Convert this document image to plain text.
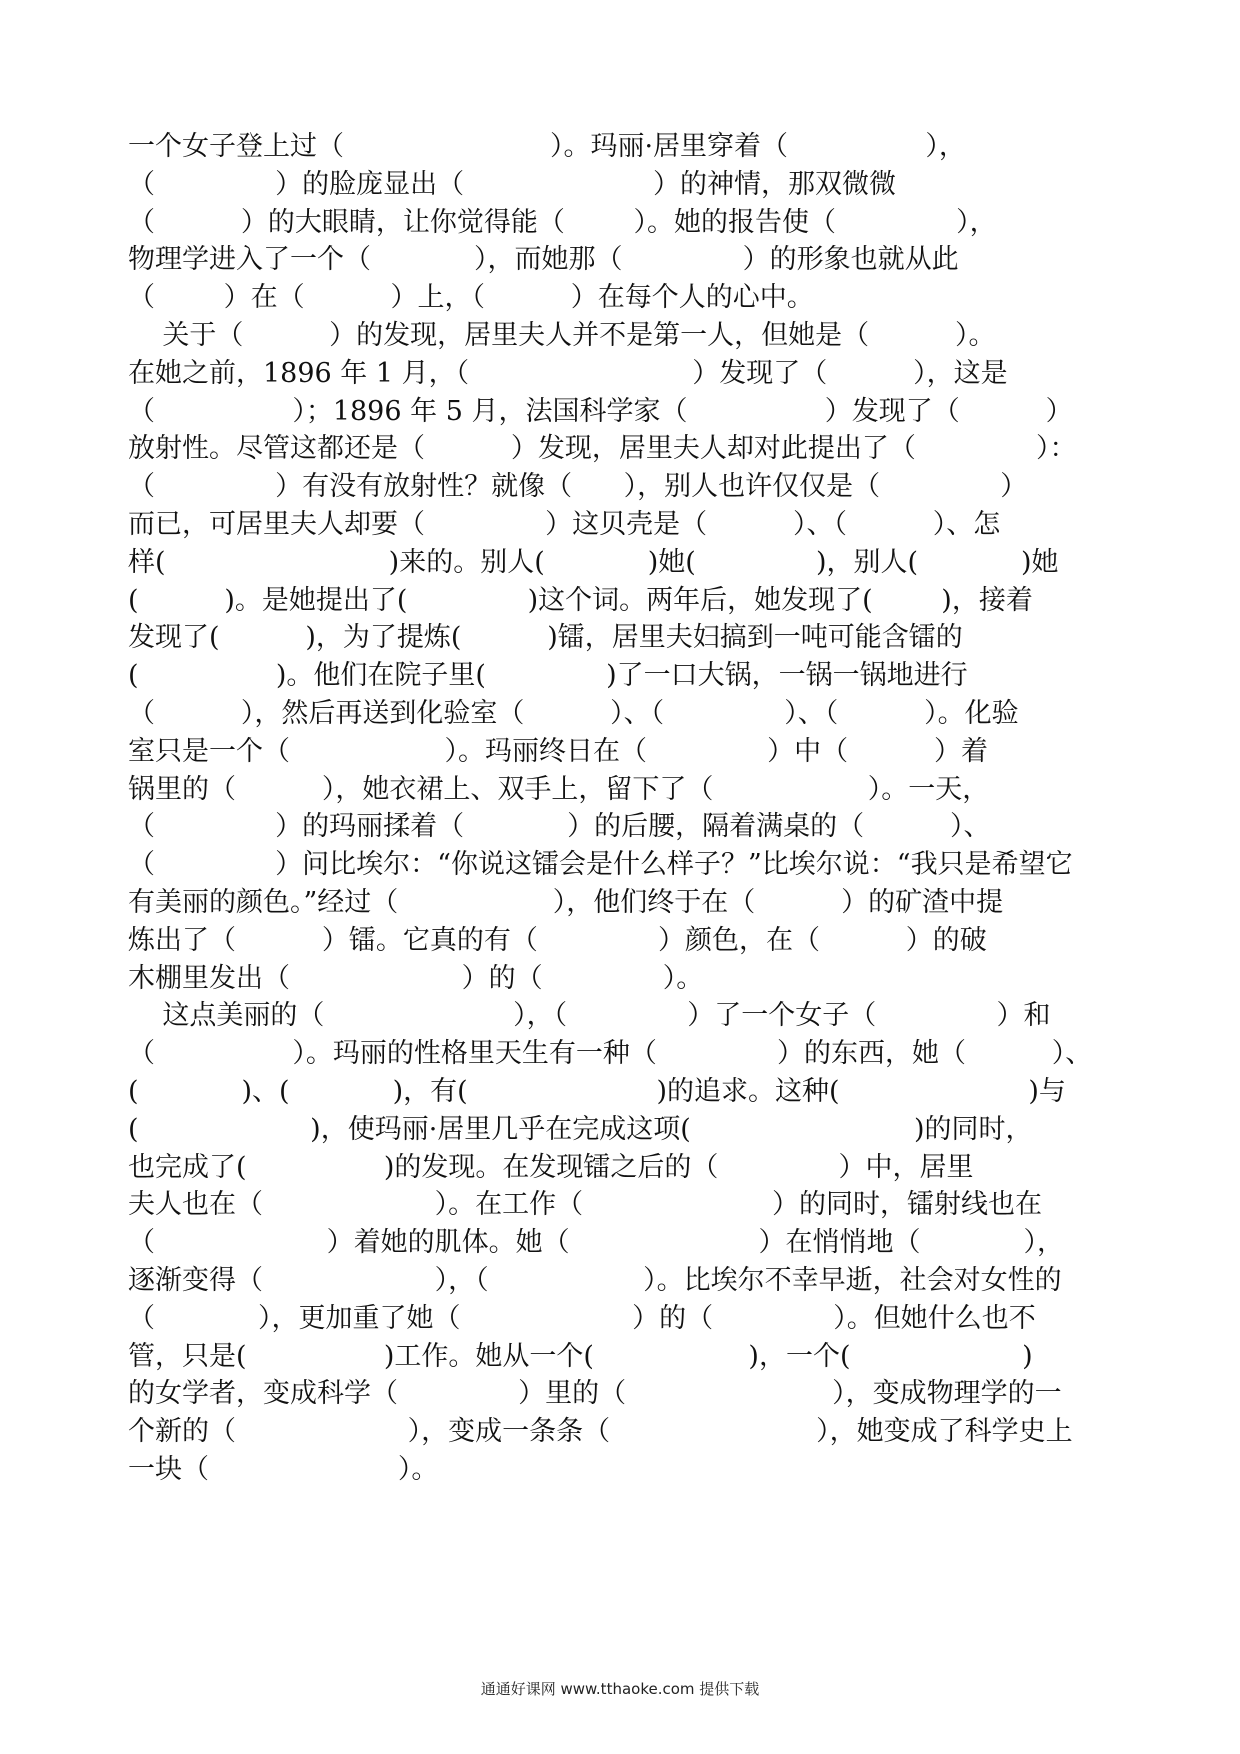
一个女子登上过（                        ）。玛丽·居里穿着（                ），
（              ）的脸庞显出（                      ）的神情，那双微微
（          ）的大眼睛，让你觉得能（        ）。她的报告使（              ），
物理学进入了一个（            ），而她那（              ）的形象也就从此
（        ）在（          ）上，（          ）在每个人的心中。
关于（          ）的发现，居里夫人并不是第一人，但她是（          ）。
在她之前，1896 年 1 月，（                          ）发现了（          ），这是
（                ）；1896 年 5 月，法国科学家（                ）发现了（          ）
放射性。尽管这都还是（          ）发现，居里夫人却对此提出了（              ）：
（              ）有没有放射性？就像（      ），别人也许仅仅是（              ）
而已，可居里夫人却要（              ）这贝壳是（          ）、（          ）、怎
样(                          )来的。别人(            )她(              )，别人(            )她
(          )。是她提出了(              )这个词。两年后，她发现了(        )，接着
发现了(          )，为了提炼(          )镭，居里夫妇搞到一吨可能含镭的
(                )。他们在院子里(              )了一口大锅，一锅一锅地进行
（          ），然后再送到化验室（          ）、（              ）、（          ）。化验
室只是一个（                  ）。玛丽终日在（              ）中（          ）着
锅里的（          ），她衣裙上、双手上，留下了（                  ）。一天，
（              ）的玛丽揉着（            ）的后腰，隔着满桌的（          ）、
（              ）问比埃尔：“你说这镭会是什么样子？”比埃尔说：“我只是希望它
有美丽的颜色。”经过（                  ），他们终于在（          ）的矿渣中提
炼出了（          ）镭。它真的有（              ）颜色，在（          ）的破
木棚里发出（                    ）的（              ）。
这点美丽的（                      ），（              ）了一个女子（              ）和
（                ）。玛丽的性格里天生有一种（              ）的东西，她（          ）、
(            )、(            )，有(                      )的追求。这种(                      )与
(                    )，使玛丽·居里几乎在完成这项(                          )的同时，
也完成了(                )的发现。在发现镭之后的（              ）中，居里
夫人也在（                    ）。在工作（                      ）的同时，镭射线也在
（                    ）着她的肌体。她（                      ）在悄悄地（            ），
逐渐变得（                    ），（                  ）。比埃尔不幸早逝，社会对女性的
（            ），更加重了她（                    ）的（              ）。但她什么也不
管，只是(                )工作。她从一个(                  )，一个(                    )
的女学者，变成科学（              ）里的（                        ），变成物理学的一
个新的（                    ），变成一条条（                        ），她变成了科学史上
一块（                      ）。
通通好课网 www.tthaoke.com 提供下载
